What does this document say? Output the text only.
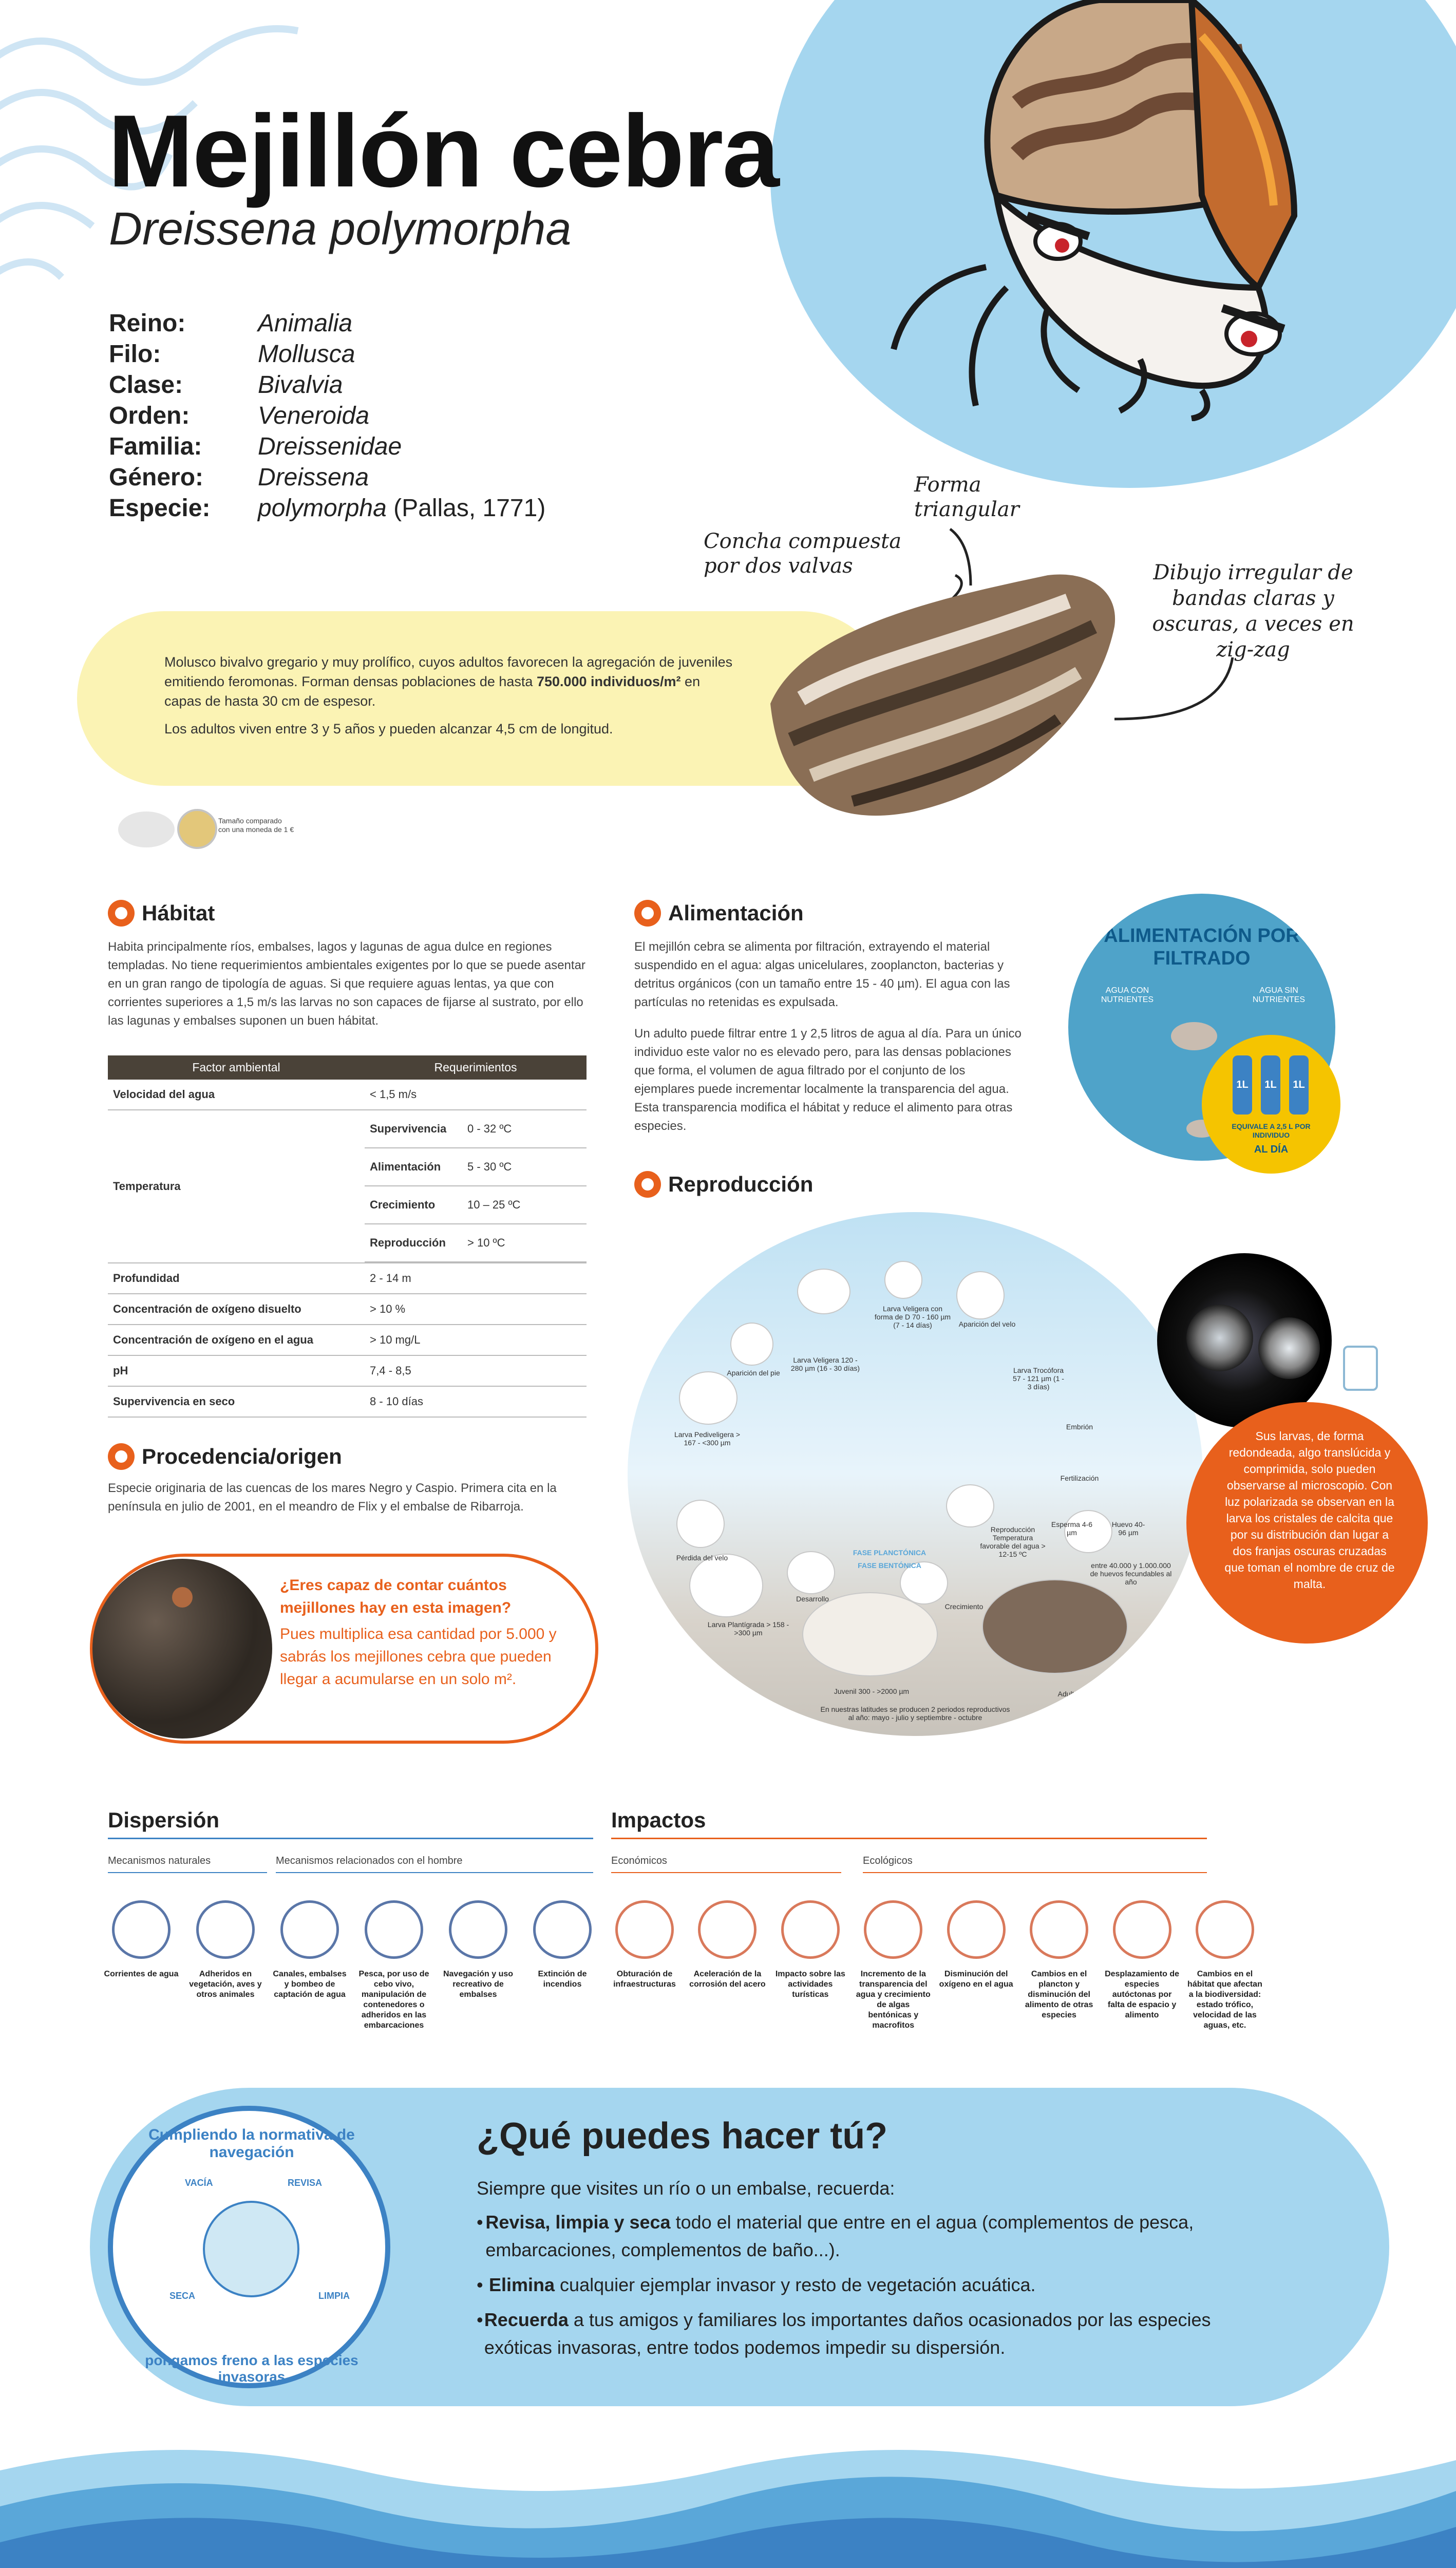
Mejillón cebra
Dreissena polymorpha
Reino:	Animalia
Filo:	Mollusca
Clase:	Bivalvia
Orden:	Veneroida
Familia:	Dreissenidae
Género:	Dreissena
Especie:	polymorpha (Pallas, 1771)
Forma triangular
Concha compuesta por dos valvas	Dibujo irregular de bandas claras y oscuras, a veces en zig-zag
Molusco bivalvo gregario y muy prolífico, cuyos adultos favorecen la agregación de juveniles emitiendo feromonas. Forman densas poblaciones de hasta 750.000 individuos/m² en capas de hasta 30 cm de espesor.
Los adultos viven entre 3 y 5 años y pueden alcanzar 4,5 cm de longitud.
Tamaño comparado con una moneda de 1 €
Hábitat
Habita principalmente ríos, embalses, lagos y lagunas de agua dulce en regiones templadas. No tiene requerimientos ambientales exigentes por lo que se puede asentar en un gran rango de tipología de aguas. Si que requiere aguas lentas, ya que con corrientes superiores a 1,5 m/s las larvas no son capaces de fijarse al sustrato, por ello las lagunas y embalses suponen un buen hábitat.
Factor ambiental	Requerimientos
Velocidad del agua	< 1,5 m/s
Temperatura	
Supervivencia	0 - 32 ºC
Alimentación	5 - 30 ºC
Crecimiento	10 – 25 ºC
Reproducción	> 10 ºC

Profundidad	2 - 14 m
Concentración de oxígeno disuelto	> 10 %
Concentración de oxígeno en el agua	> 10 mg/L
pH	7,4 - 8,5
Supervivencia en seco	8 - 10 días
Procedencia/origen
Especie originaria de las cuencas de los mares Negro y Caspio. Primera cita en la península en julio de 2001, en el meandro de Flix y el embalse de Ribarroja.
¿Eres capaz de contar cuántos mejillones hay en esta imagen?
Pues multiplica esa cantidad por 5.000 y sabrás los mejillones cebra que pueden llegar a acumularse en un solo m².
Alimentación
El mejillón cebra se alimenta por filtración, extrayendo el material suspendido en el agua: algas unicelulares, zooplancton, bacterias y detritus orgánicos (con un tamaño entre 15 - 40 µm). El agua con las partículas no retenidas es expulsada.
Un adulto puede filtrar entre 1 y 2,5 litros de agua al día. Para un único individuo este valor no es elevado pero, para las densas poblaciones que forma, el volumen de agua filtrado por el conjunto de los ejemplares puede incrementar localmente la transparencia del agua. Esta transparencia modifica el hábitat y reduce el alimento para otras especies.
ALIMENTACIÓN POR FILTRADO
AGUA CON NUTRIENTES
AGUA SIN NUTRIENTES
1L	1L	1L
EQUIVALE A 2,5 L POR INDIVIDUO
AL DÍA
Reproducción
Aparición del velo
Larva Veligera con forma de D 70 - 160 µm (7 - 14 días)
Larva Trocófora 57 - 121 µm (1 - 3 días)
Embrión
Fertilización
Reproducción Temperatura favorable del agua > 12-15 ºC
Huevo 40-96 µm
entre 40.000 y 1.000.000 de huevos fecundables al año
Esperma 4-6 µm
Adulto 4 mm (1 año)
Crecimiento
Juvenil 300 - >2000 µm
Desarrollo
Larva Plantígrada > 158 - >300 µm
Pérdida del velo
Larva Pediveligera > 167 - <300 µm
Aparición del pie
Larva Veligera 120 - 280 µm (16 - 30 días)
FASE PLANCTÓNICA
FASE BENTÓNICA
En nuestras latitudes se producen 2 periodos reproductivos al año: mayo - julio y septiembre - octubre
Sus larvas, de forma redondeada, algo translúcida y comprimida, solo pueden observarse al microscopio. Con luz polarizada se observan en la larva los cristales de calcita que por su distribución dan lugar a dos franjas oscuras cruzadas que toman el nombre de cruz de malta.
Dispersión
Mecanismos naturales	Mecanismos relacionados con el hombre
Corrientes de agua	Adheridos en vegetación, aves y otros animales
Canales, embalses y bombeo de captación de agua
Pesca, por uso de cebo vivo, manipulación de contenedores o adheridos en las embarcaciones
Navegación y uso recreativo de embalses
Extinción de incendios
Impactos
Económicos	Ecológicos
Obturación de infraestructuras
Aceleración de la corrosión del acero
Impacto sobre las actividades turísticas
Incremento de la transparencia del agua y crecimiento de algas bentónicas y macrofitos
Disminución del oxígeno en el agua
Cambios en el plancton y disminución del alimento de otras especies
Desplazamiento de especies autóctonas por falta de espacio y alimento
Cambios en el hábitat que afectan a la biodiversidad: estado trófico, velocidad de las aguas, etc.
Cumpliendo la normativa de navegación
pongamos freno a las especies invasoras
VACÍA	REVISA
LIMPIA
SECA
¿Qué puedes hacer tú?
Siempre que visites un río o un embalse, recuerda:
• Revisa, limpia y seca todo el material que entre en el agua (complementos de pesca, embarcaciones, complementos de baño...).
• Elimina cualquier ejemplar invasor y resto de vegetación acuática.
• Recuerda a tus amigos y familiares los importantes daños ocasionados por las especies exóticas invasoras, entre todos podemos impedir su dispersión.
